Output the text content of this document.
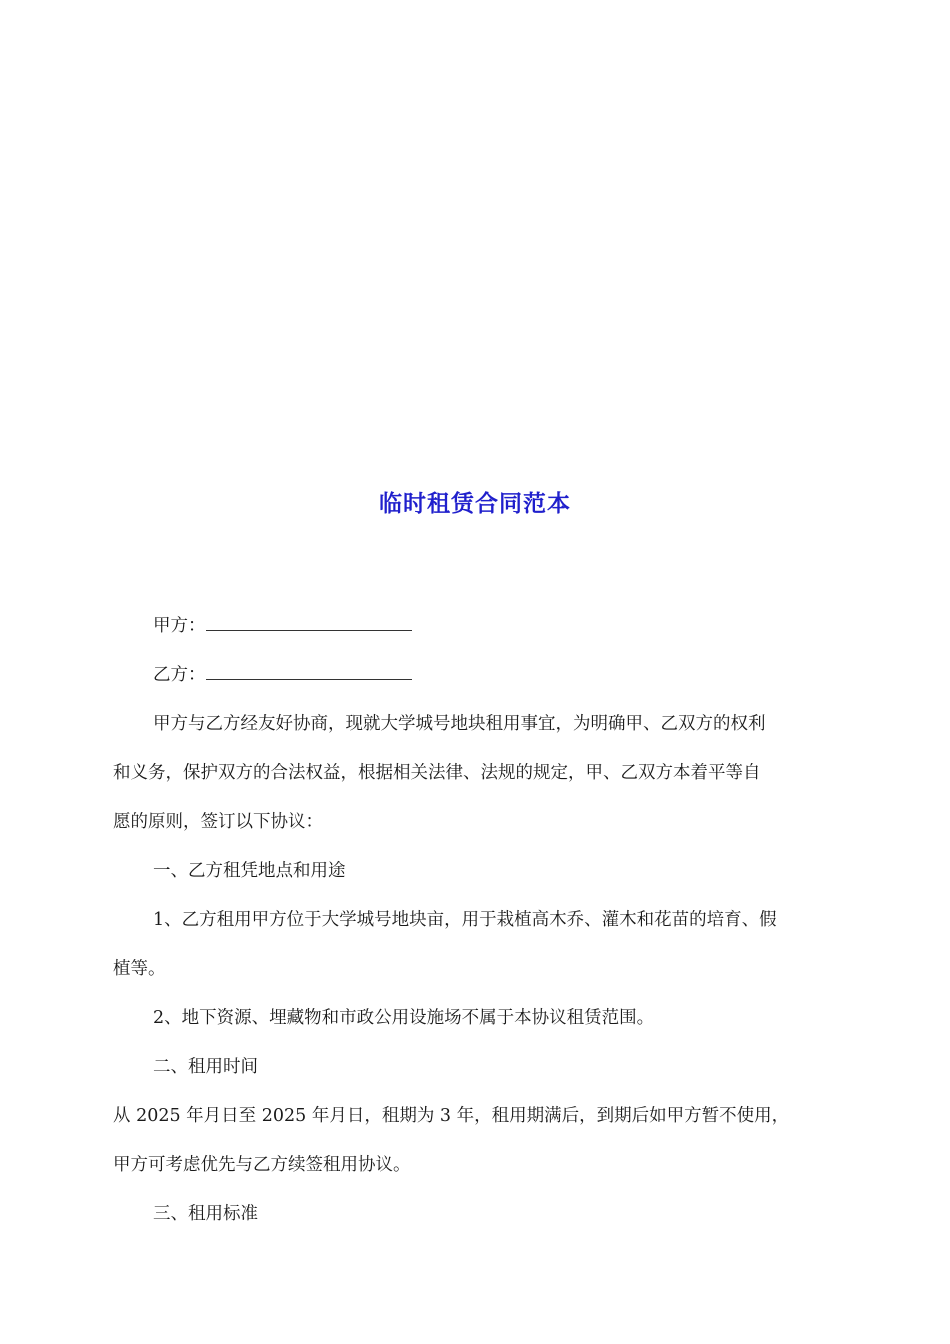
临时租赁合同范本
甲方：
乙方：
甲方与乙方经友好协商，现就大学城号地块租用事宜，为明确甲、乙双方的权利
和义务，保护双方的合法权益，根据相关法律、法规的规定，甲、乙双方本着平等自
愿的原则，签订以下协议：
一、乙方租凭地点和用途
1、乙方租用甲方位于大学城号地块亩，用于栽植高木乔、灌木和花苗的培育、假
植等。
2、地下资源、埋藏物和市政公用设施场不属于本协议租赁范围。
二、租用时间
从 2025 年月日至 2025 年月日，租期为 3 年，租用期满后，到期后如甲方暂不使用，
甲方可考虑优先与乙方续签租用协议。
三、租用标准
